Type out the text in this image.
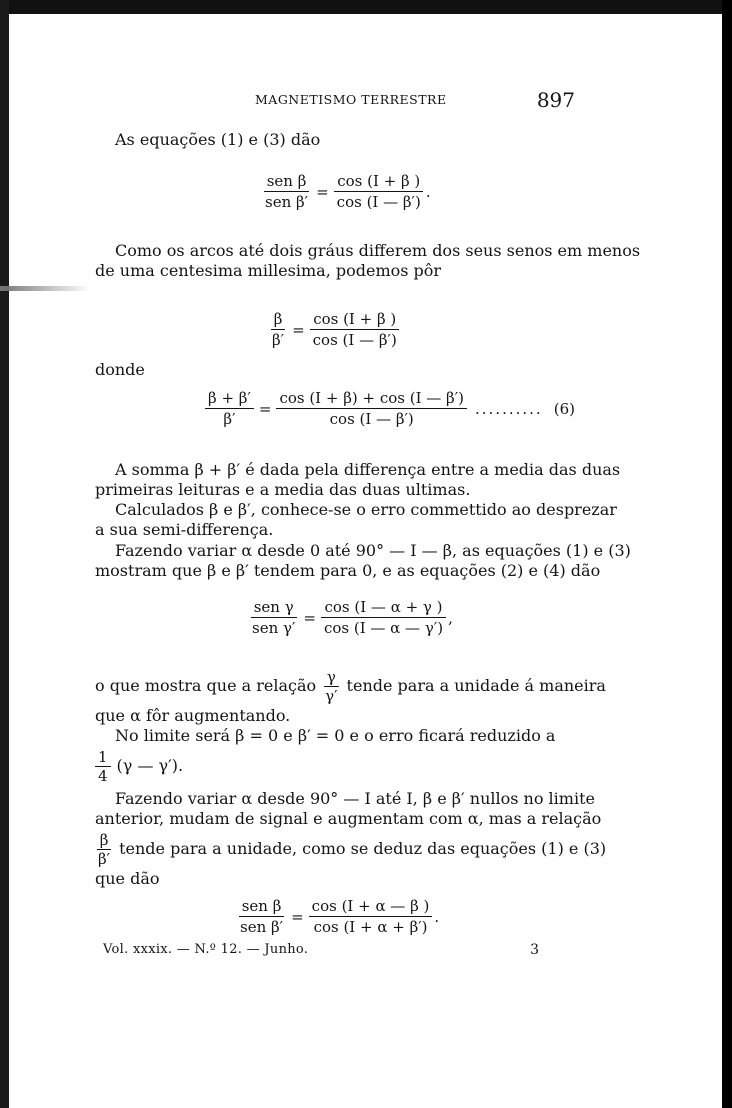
MAGNETISMO TERRESTRE	897
As equações (1) e (3) dão
$\frac{\text{sen β}}{\text{sen β′}} = \frac{\cos (I + \beta )}{\cos (I — \beta')}$ .
Como os arcos até dois gráus differem dos seus senos em menos
de uma centesima millesima, podemos pôr
$\frac{\beta}{\beta'} = \frac{\cos (I + \beta )}{\cos (I — \beta')}$
donde
$\frac{\beta + \beta'}{\beta'} = \frac{\cos (I + \beta) + \cos (I — \beta')}{\cos (I — \beta')}$ .......... (6)
A somma β + β′ é dada pela differença entre a media das duas
primeiras leituras e a media das duas ultimas.
Calculados β e β′, conhece-se o erro commettido ao desprezar
a sua semi-differença.
Fazendo variar α desde 0 até 90° — I — β, as equações (1) e (3)
mostram que β e β′ tendem para 0, e as equações (2) e (4) dão
$\frac{\text{sen γ}}{\text{sen γ′}} = \frac{\cos (I — \alpha + \gamma )}{\cos (I — \alpha — \gamma')}$ ,
o que mostra que a relação $\frac{\gamma}{\gamma'}$ tende para a unidade á maneira
que α fôr augmentando.
No limite será β = 0 e β′ = 0 e o erro ficará reduzido a
$\frac{1}{4} (\gamma$ — γ′).
Fazendo variar α desde 90° — I até I, β e β′ nullos no limite
anterior, mudam de signal e augmentam com α, mas a relação
$\frac{\beta}{\beta'}$ tende para a unidade, como se deduz das equações (1) e (3)
que dão
$\frac{\text{sen β}}{\text{sen β′}} = \frac{\cos (I + \alpha — \beta )}{\cos (I + \alpha + \beta')}$ .
Vol. xxxix. — N.º 12. — Junho.	3
